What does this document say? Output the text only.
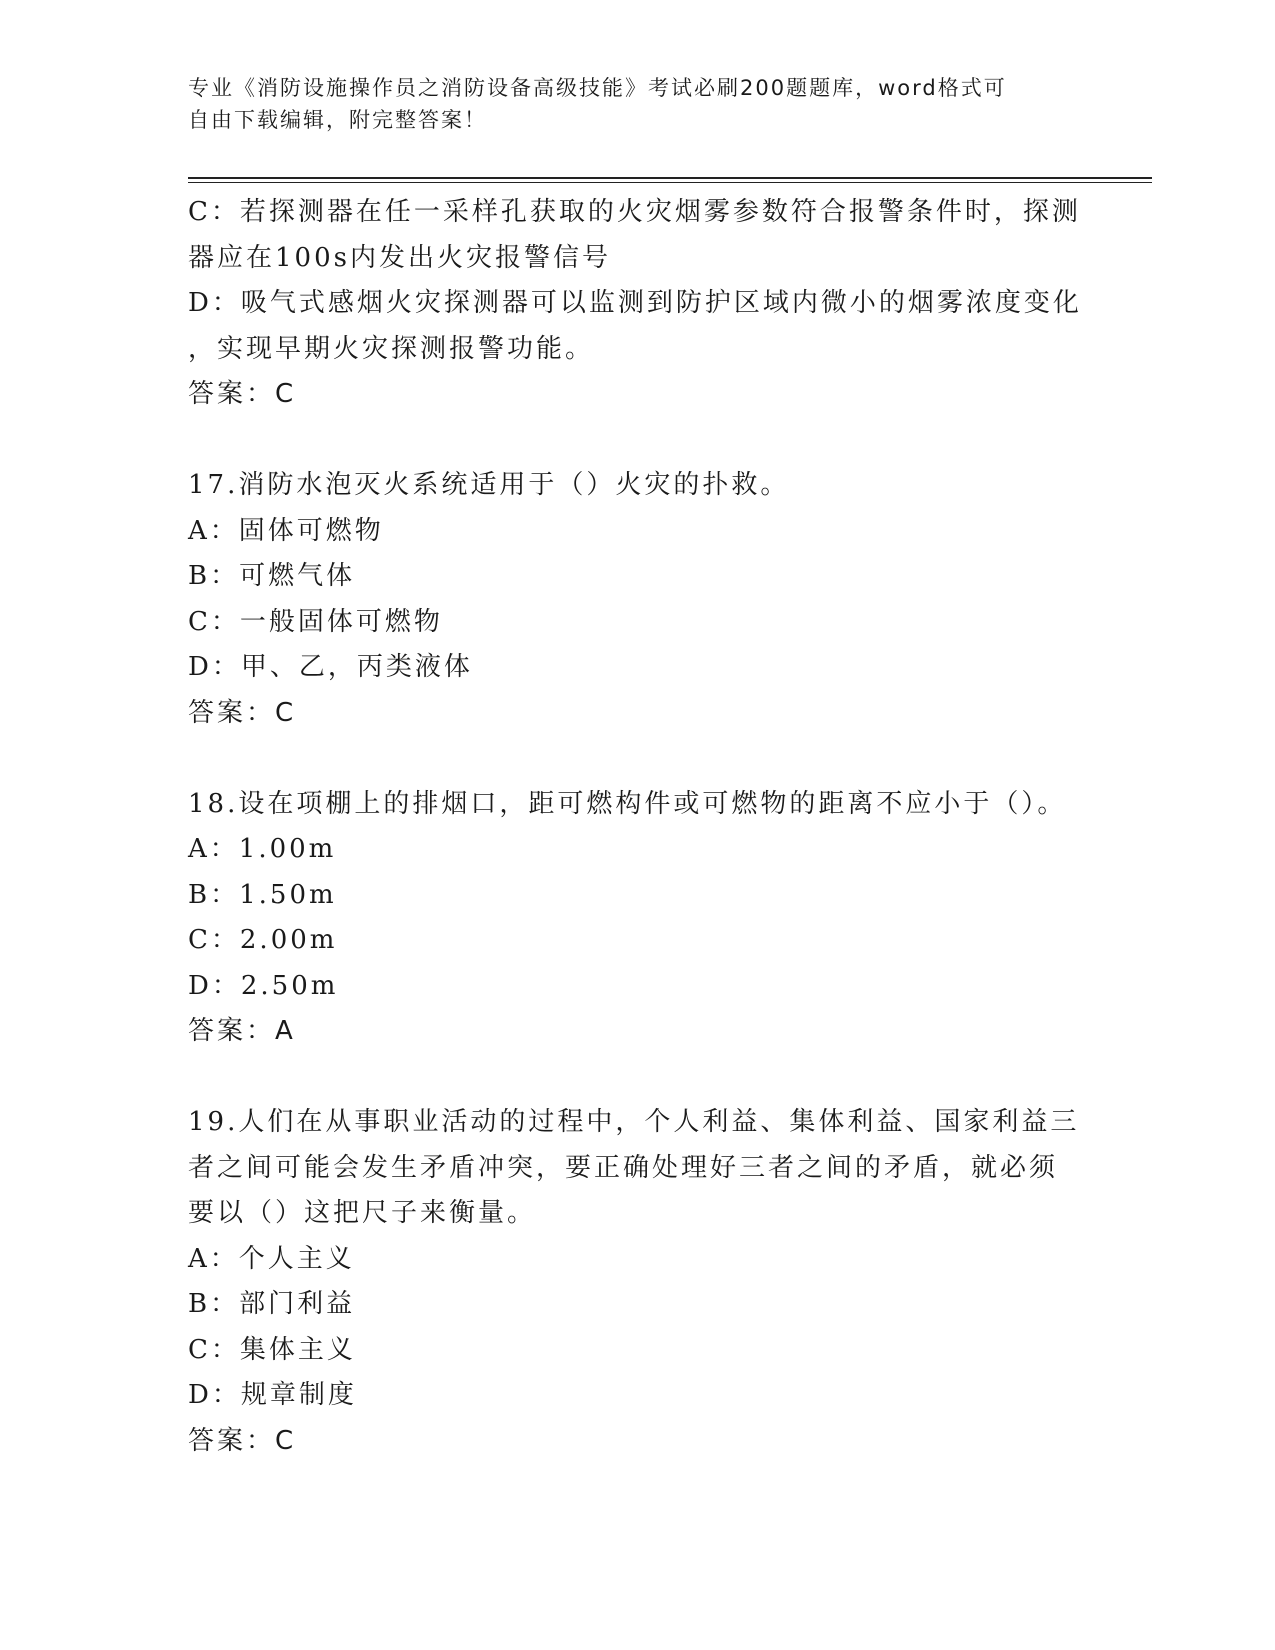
专业《消防设施操作员之消防设备高级技能》考试必刷200题题库，word格式可
自由下载编辑，附完整答案！
C：若探测器在任一采样孔获取的火灾烟雾参数符合报警条件时，探测
器应在100s内发出火灾报警信号
D：吸气式感烟火灾探测器可以监测到防护区域内微小的烟雾浓度变化
，实现早期火灾探测报警功能。
答案：C
17.消防水泡灭火系统适用于（）火灾的扑救。
A：固体可燃物
B：可燃气体
C：一般固体可燃物
D：甲、乙，丙类液体
答案：C
18.设在项棚上的排烟口，距可燃构件或可燃物的距离不应小于（）。
A：1.00m
B：1.50m
C：2.00m
D：2.50m
答案：A
19.人们在从事职业活动的过程中，个人利益、集体利益、国家利益三
者之间可能会发生矛盾冲突，要正确处理好三者之间的矛盾，就必须
要以（）这把尺子来衡量。
A：个人主义
B：部门利益
C：集体主义
D：规章制度
答案：C
